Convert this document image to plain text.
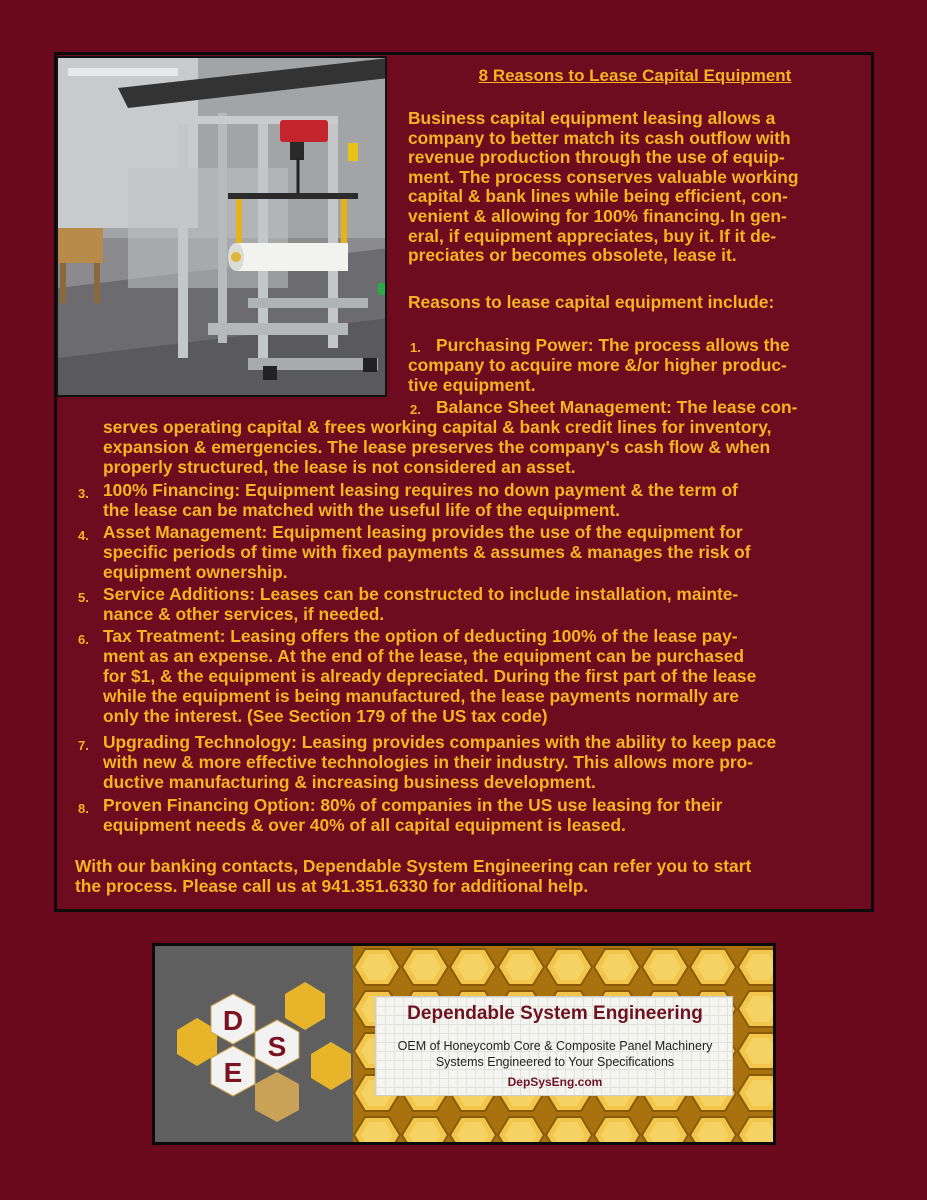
8 Reasons to Lease Capital Equipment
Business capital equipment leasing allows a
company to better match its cash outflow with
revenue production through the use of equip-
ment. The process conserves valuable working
capital & bank lines while being efficient, con-
venient & allowing for 100% financing. In gen-
eral, if equipment appreciates, buy it. If it de-
preciates or becomes obsolete, lease it.
Reasons to lease capital equipment include:
1. Purchasing Power: The process allows the
company to acquire more &/or higher produc-
tive equipment.
2. Balance Sheet Management: The lease con-
serves operating capital & frees working capital & bank credit lines for inventory,
expansion & emergencies. The lease preserves the company's cash flow & when
properly structured, the lease is not considered an asset.
3. 100% Financing: Equipment leasing requires no down payment & the term of
the lease can be matched with the useful life of the equipment.
4. Asset Management: Equipment leasing provides the use of the equipment for
specific periods of time with fixed payments & assumes & manages the risk of
equipment ownership.
5. Service Additions: Leases can be constructed to include installation, mainte-
nance & other services, if needed.
6. Tax Treatment: Leasing offers the option of deducting 100% of the lease pay-
ment as an expense. At the end of the lease, the equipment can be purchased
for $1, & the equipment is already depreciated. During the first part of the lease
while the equipment is being manufactured, the lease payments normally are
only the interest. (See Section 179 of the US tax code)
7. Upgrading Technology: Leasing provides companies with the ability to keep pace
with new & more effective technologies in their industry. This allows more pro-
ductive manufacturing & increasing business development.
8. Proven Financing Option: 80% of companies in the US use leasing for their
equipment needs & over 40% of all capital equipment is leased.
With our banking contacts, Dependable System Engineering can refer you to start
the process. Please call us at 941.351.6330 for additional help.
D
S
E
Dependable System Engineering
OEM of Honeycomb Core & Composite Panel Machinery
Systems Engineered to Your Specifications
DepSysEng.com
